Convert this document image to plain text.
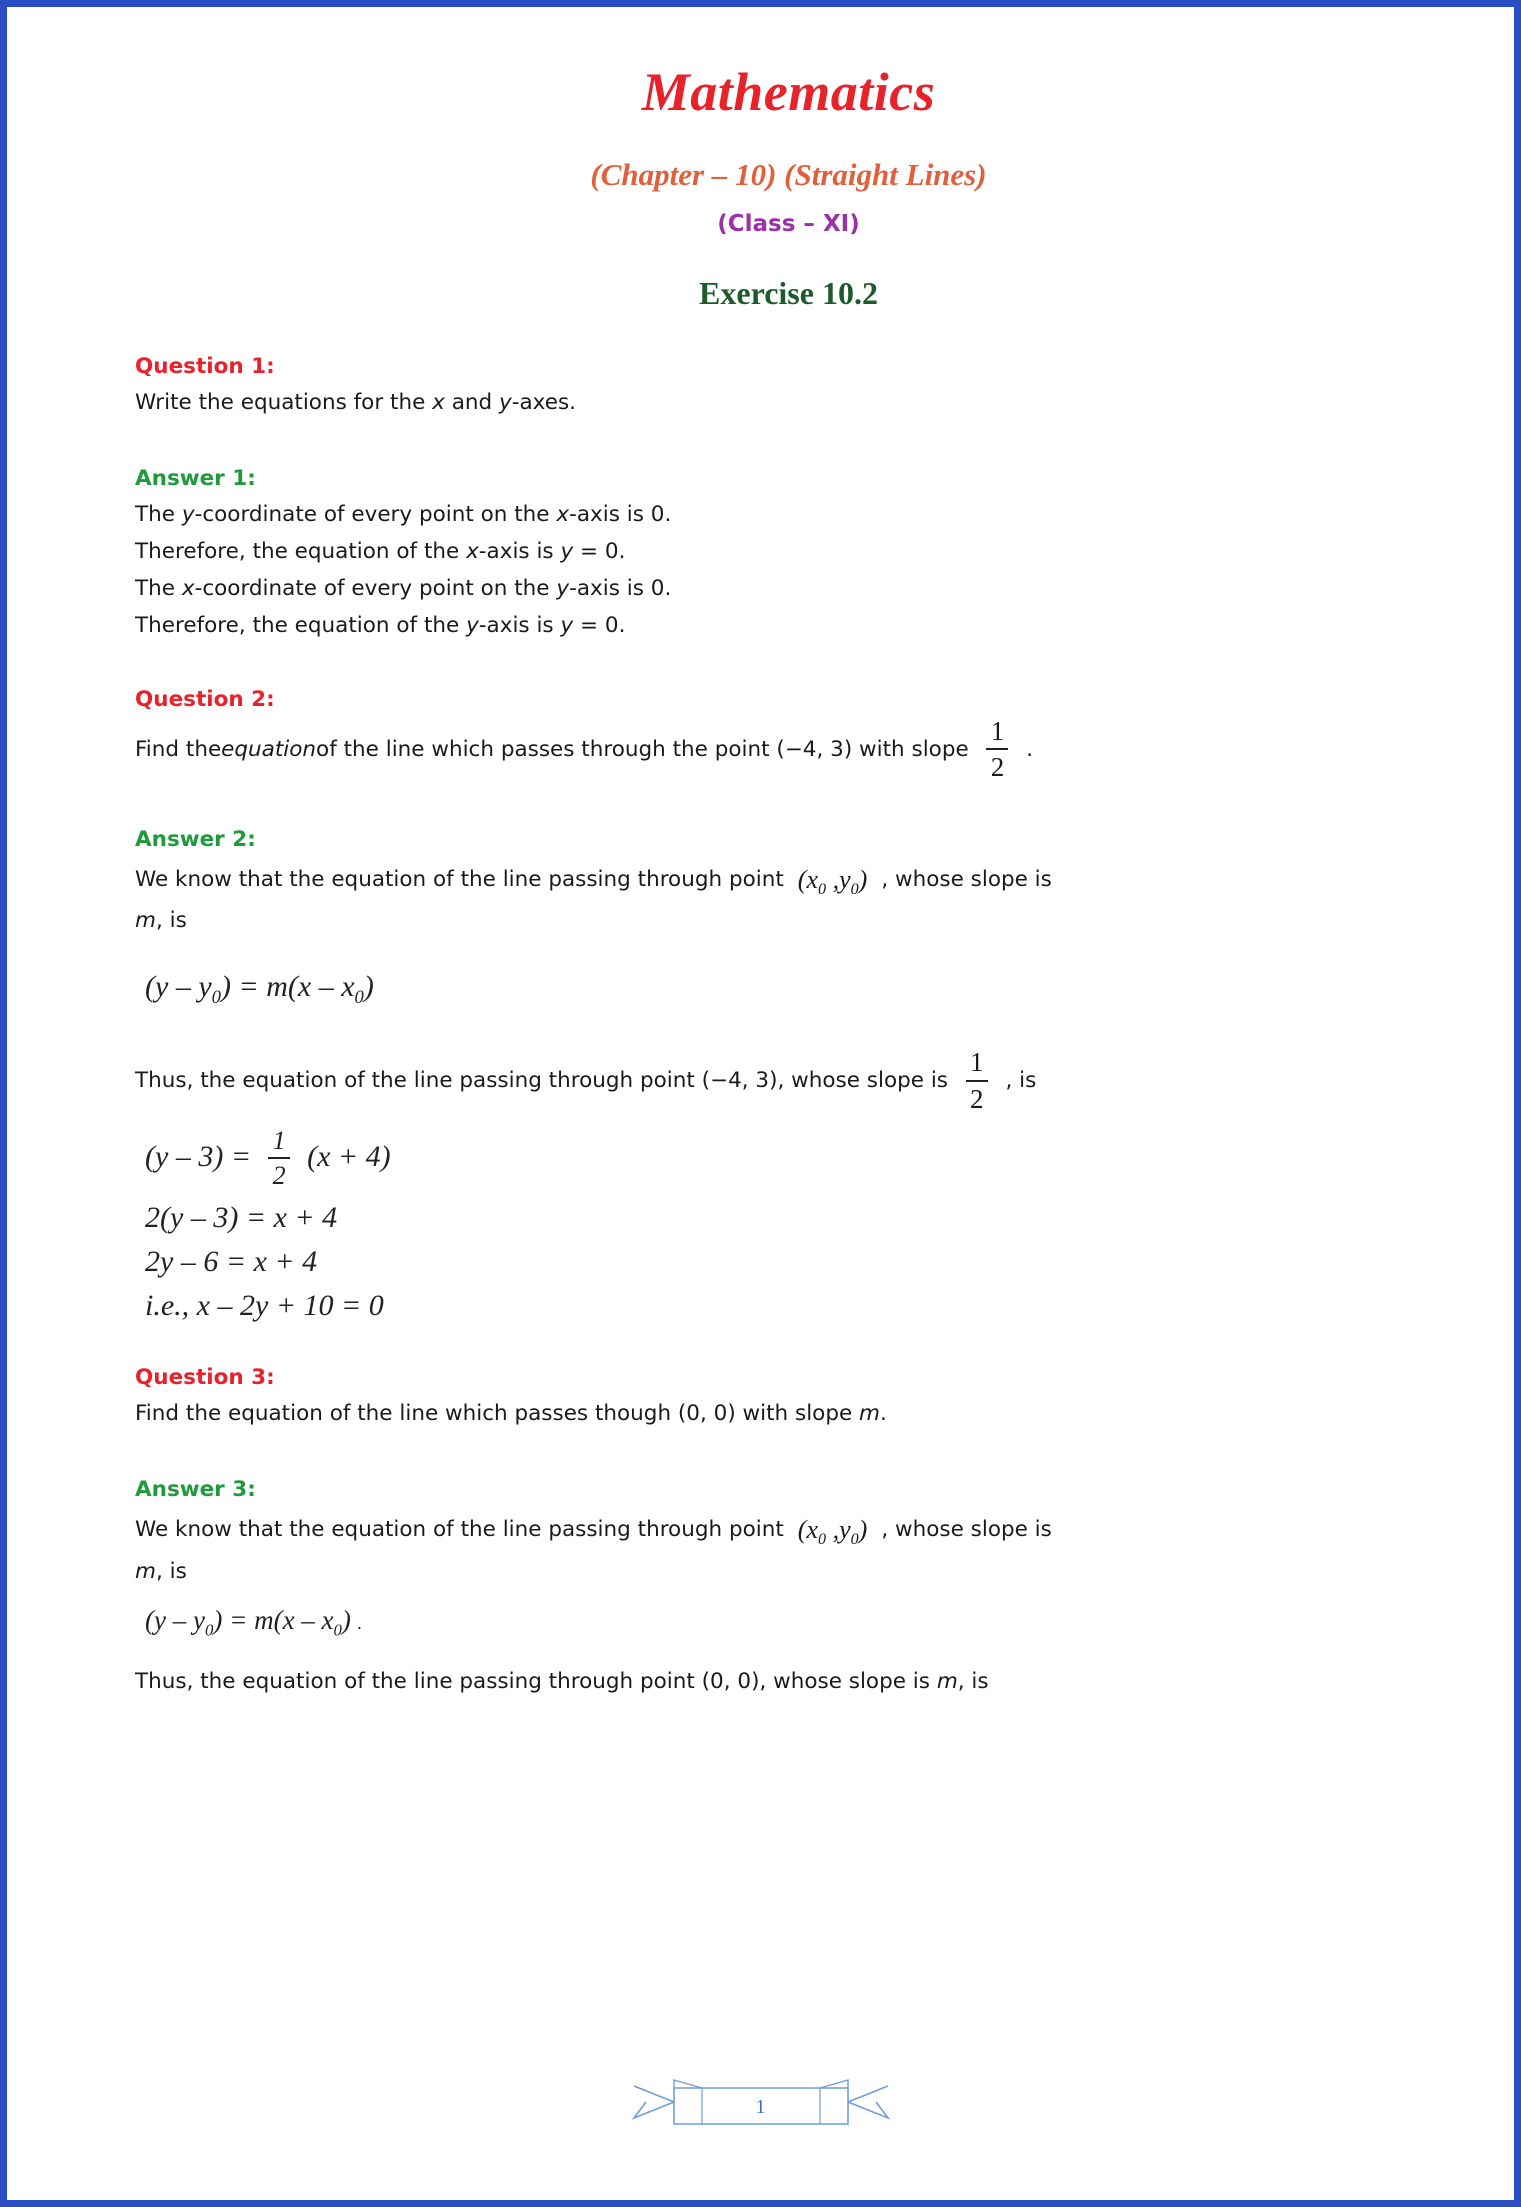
Mathematics
(Chapter – 10) (Straight Lines)
(Class – XI)
Exercise 10.2
Question 1:

Write the equations for the x and y-axes.

Answer 1:

The y-coordinate of every point on the x-axis is 0.

Therefore, the equation of the x-axis is y = 0.

The x-coordinate of every point on the y-axis is 0.

Therefore, the equation of the y-axis is y = 0.

Question 2:
Find the equation of the line which passes through the point (−4, 3) with slope $\frac{1}{2}$ .
Answer 2:
We know that the equation of the line passing through point ($x_0$ $,y_0$) , whose slope is

m, is

$(y - y_0) = m(x - x_0)$
Thus, the equation of the line passing through point (−4, 3), whose slope is $\frac{1}{2}$ , is
$(y - 3) = \frac{1}{2} (x + 4)$
2(y – 3) = x + 4
2y – 6 = x + 4
i.e., x – 2y + 10 = 0
Question 3:

Find the equation of the line which passes though (0, 0) with slope m.

Answer 3:
We know that the equation of the line passing through point ($x_0$ $,y_0$) , whose slope is

m, is

$(y - y_0) = m(x - x_0)$ .

Thus, the equation of the line passing through point (0, 0), whose slope is m, is

1
